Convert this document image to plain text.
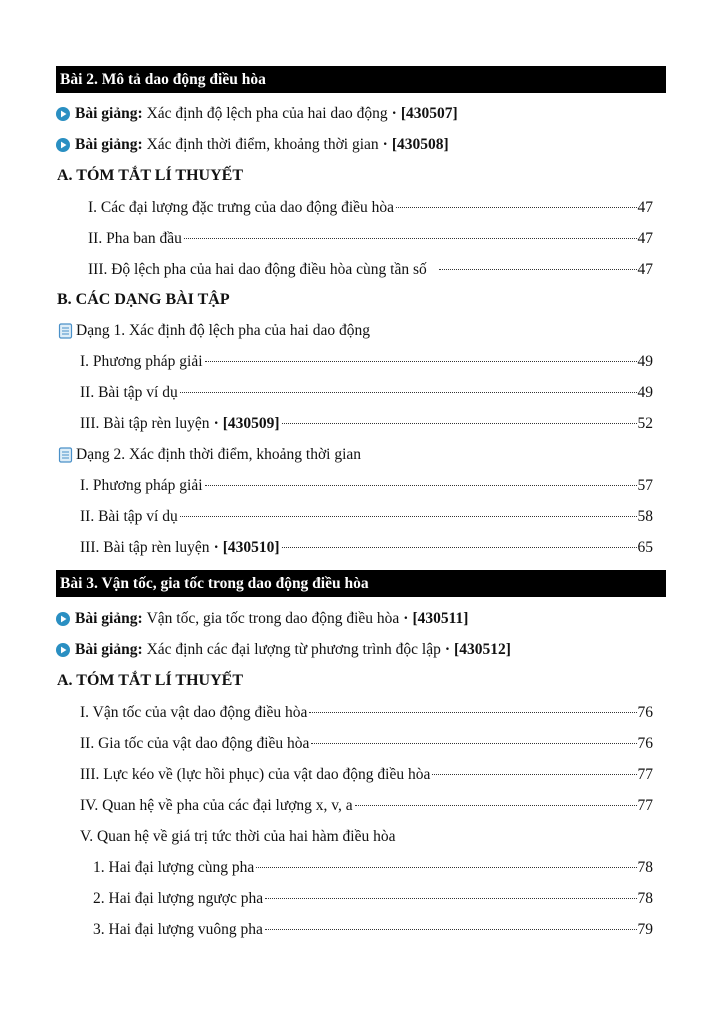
Bài 2. Mô tả dao động điều hòa
Bài giảng: Xác định độ lệch pha của hai dao động · [430507]
Bài giảng: Xác định thời điểm, khoảng thời gian · [430508]
A. TÓM TẮT LÍ THUYẾT
I. Các đại lượng đặc trưng của dao động điều hòa	47
II. Pha ban đầu	47
III. Độ lệch pha của hai dao động điều hòa cùng tần số	47
B. CÁC DẠNG BÀI TẬP
Dạng 1. Xác định độ lệch pha của hai dao động
I. Phương pháp giải	49
II. Bài tập ví dụ	49
III. Bài tập rèn luyện · [430509]	52
Dạng 2. Xác định thời điểm, khoảng thời gian
I. Phương pháp giải	57
II. Bài tập ví dụ	58
III. Bài tập rèn luyện · [430510]	65
Bài 3. Vận tốc, gia tốc trong dao động điều hòa
Bài giảng: Vận tốc, gia tốc trong dao động điều hòa · [430511]
Bài giảng: Xác định các đại lượng từ phương trình độc lập · [430512]
A. TÓM TẮT LÍ THUYẾT
I. Vận tốc của vật dao động điều hòa	76
II. Gia tốc của vật dao động điều hòa	76
III. Lực kéo về (lực hồi phục) của vật dao động điều hòa	77
IV. Quan hệ về pha của các đại lượng x, v, a	77
V. Quan hệ về giá trị tức thời của hai hàm điều hòa
1. Hai đại lượng cùng pha	78
2. Hai đại lượng ngược pha	78
3. Hai đại lượng vuông pha	79
